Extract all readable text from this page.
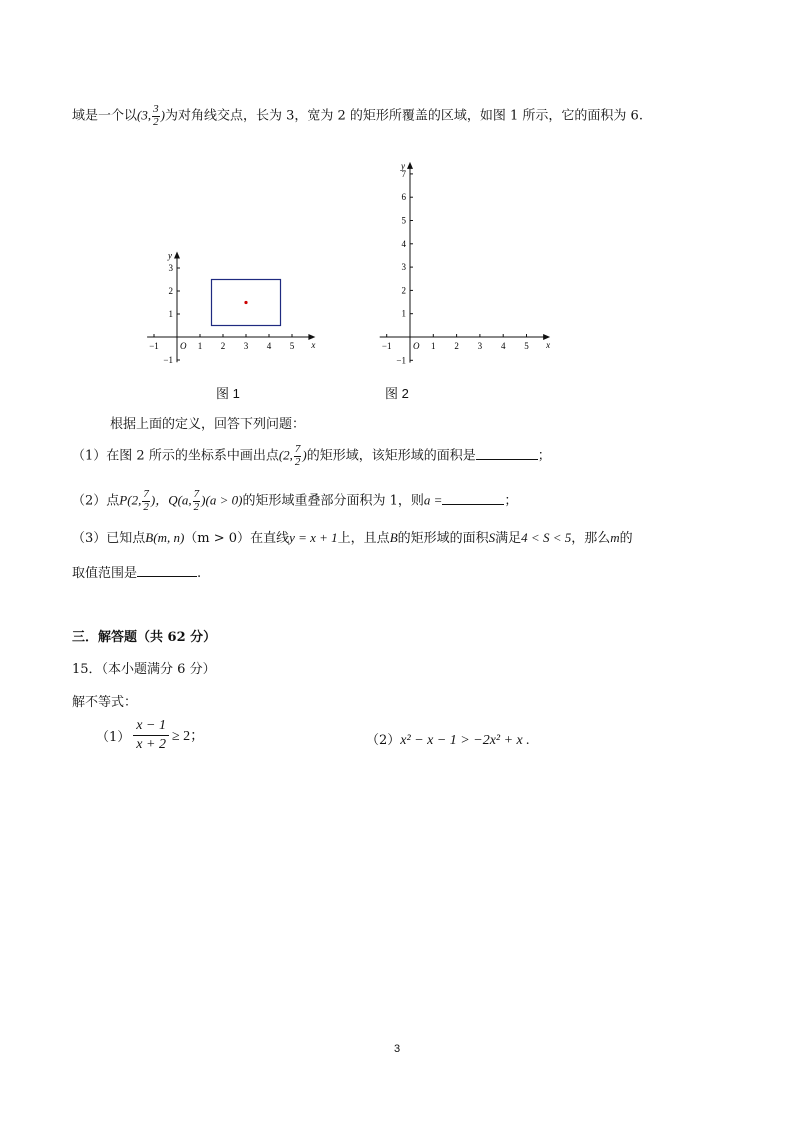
域是一个以(3, $\frac{3}{2}$ )为对角线交点，长为 3，宽为 2 的矩形所覆盖的区域，如图 1 所示，它的面积为 6.
−1	1 2 3 4 5
−1
1
2
3
O	x
y
图 1
−1	1 2 3 4 5
−1
1
2
3
4
5
6
7
O	x
y
图 2
根据上面的定义，回答下列问题：
（1）在图 2 所示的坐标系中画出点(2, $\frac{7}{2}$ )的矩形域，该矩形域的面积是	；
（2）点P(2, $\frac{7}{2}$ )，Q(a, $\frac{7}{2} )(a > 0)$的矩形域重叠部分面积为 1，则a =	；
（3）已知点B(m, n)（m > 0）在直线y = x + 1上，且点B的矩形域的面积S满足4 < S < 5，那么m的
取值范围是	.
三．解答题（共 62 分）
15．（本小题满分 6 分）
解不等式：
$(1) \frac{x - 1}{x + 2} \ge 2$；	（2）x² − x − 1 > −2x² + x .
3
